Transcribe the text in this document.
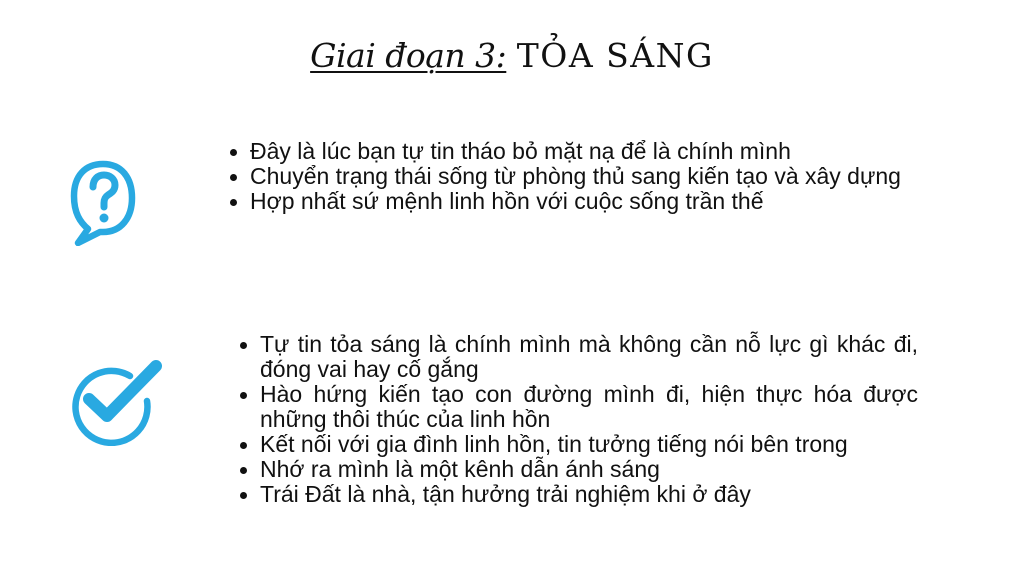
Giai đoạn 3: TỎA SÁNG
Đây là lúc bạn tự tin tháo bỏ mặt nạ để là chính mình
Chuyển trạng thái sống từ phòng thủ sang kiến tạo và xây dựng
Hợp nhất sứ mệnh linh hồn với cuộc sống trần thế
Tự tin tỏa sáng là chính mình mà không cần nỗ lực gì khác đi, đóng vai hay cố gắng
Hào hứng kiến tạo con đường mình đi, hiện thực hóa được những thôi thúc của linh hồn
Kết nối với gia đình linh hồn, tin tưởng tiếng nói bên trong
Nhớ ra mình là một kênh dẫn ánh sáng
Trái Đất là nhà, tận hưởng trải nghiệm khi ở đây
